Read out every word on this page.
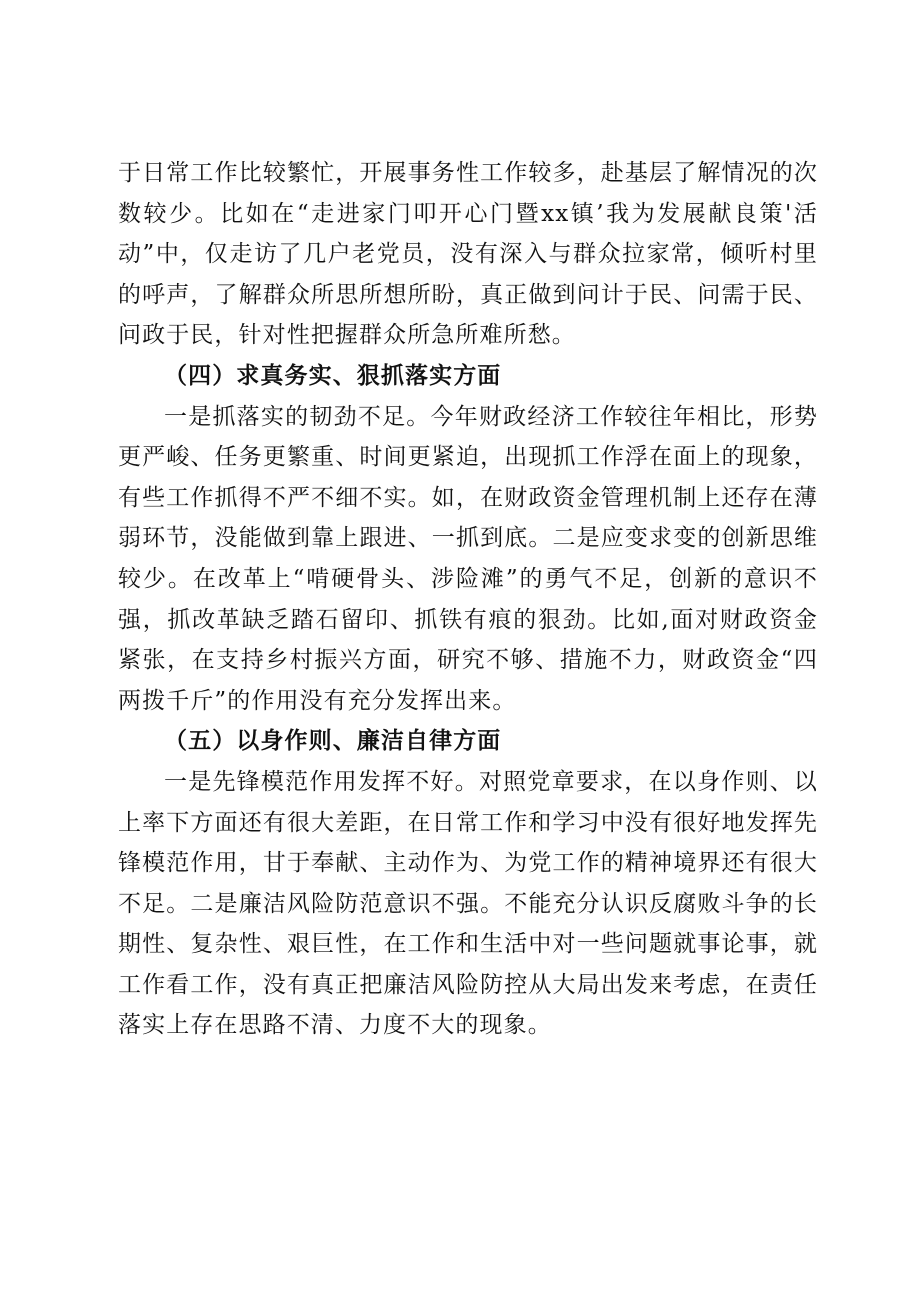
于日常工作比较繁忙，开展事务性工作较多，赴基层了解情况的次数较少。比如在“走进家门叩开心门暨xx镇’我为发展献良策'活动”中，仅走访了几户老党员，没有深入与群众拉家常，倾听村里的呼声，了解群众所思所想所盼，真正做到问计于民、问需于民、问政于民，针对性把握群众所急所难所愁。

（四）求真务实、狠抓落实方面

一是抓落实的韧劲不足。今年财政经济工作较往年相比，形势更严峻、任务更繁重、时间更紧迫，出现抓工作浮在面上的现象，有些工作抓得不严不细不实。如，在财政资金管理机制上还存在薄弱环节，没能做到靠上跟进、一抓到底。二是应变求变的创新思维较少。在改革上“啃硬骨头、涉险滩”的勇气不足，创新的意识不强，抓改革缺乏踏石留印、抓铁有痕的狠劲。比如,面对财政资金紧张，在支持乡村振兴方面，研究不够、措施不力，财政资金“四两拨千斤”的作用没有充分发挥出来。

（五）以身作则、廉洁自律方面

一是先锋模范作用发挥不好。对照党章要求，在以身作则、以上率下方面还有很大差距，在日常工作和学习中没有很好地发挥先锋模范作用，甘于奉献、主动作为、为党工作的精神境界还有很大不足。二是廉洁风险防范意识不强。不能充分认识反腐败斗争的长期性、复杂性、艰巨性，在工作和生活中对一些问题就事论事，就工作看工作，没有真正把廉洁风险防控从大局出发来考虑，在责任落实上存在思路不清、力度不大的现象。
